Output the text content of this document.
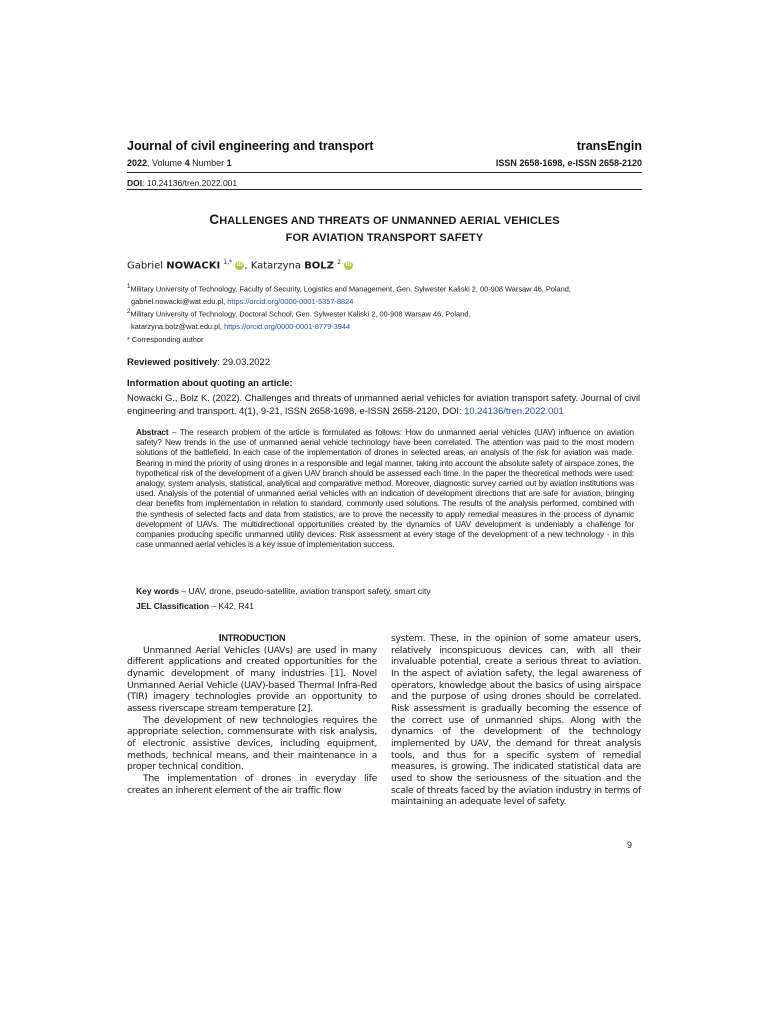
Journal of civil engineering and transport	transEngin
2022, Volume 4 Number 1	ISSN 2658-1698, e-ISSN 2658-2120
DOI: 10.24136/tren.2022.001
CHALLENGES AND THREATS OF UNMANNED AERIAL VEHICLES
FOR AVIATION TRANSPORT SAFETY
Gabriel NOWACKI $^{1,*}$ iD , Katarzyna BOLZ $^2$ iD
$^1$Military University of Technology, Faculty of Security, Logistics and Management, Gen. Sylwester Kaliski 2, 00-908 Warsaw 46, Poland,
gabriel.nowacki@wat.edu.pl, https://orcid.org/0000-0001-5357-8824
$^2$Military University of Technology, Doctoral School, Gen. Sylwester Kaliski 2, 00-908 Warsaw 46, Poland,
katarzyna.bolz@wat.edu.pl, https://orcid.org/0000-0001-8779-3944
* Corresponding author
Reviewed positively: 29.03.2022
Information about quoting an article:
Nowacki G., Bolz K. (2022). Challenges and threats of unmanned aerial vehicles for aviation transport safety. Journal of civil engineering and transport. 4(1), 9-21, ISSN 2658-1698, e-ISSN 2658-2120, DOI: 10.24136/tren.2022.001
Abstract – The research problem of the article is formulated as follows: How do unmanned aerial vehicles (UAV) influence on aviation safety? New trends in the use of unmanned aerial vehicle technology have been correlated. The attention was paid to the most modern solutions of the battlefield. In each case of the implementation of drones in selected areas, an analysis of the risk for aviation was made. Bearing in mind the priority of using drones in a responsible and legal manner, taking into account the absolute safety of airspace zones, the hypothetical risk of the development of a given UAV branch should be assessed each time. In the paper the theoretical methods were used: analogy, system analysis, statistical, analytical and comparative method. Moreover, diagnostic survey carried out by aviation institutions was used. Analysis of the potential of unmanned aerial vehicles with an indication of development directions that are safe for aviation, bringing clear benefits from implementation in relation to standard, commonly used solutions. The results of the analysis performed, combined with the synthesis of selected facts and data from statistics, are to prove the necessity to apply remedial measures in the process of dynamic development of UAVs. The multidirectional opportunities created by the dynamics of UAV development is undeniably a challenge for companies producing specific unmanned utility devices. Risk assessment at every stage of the development of a new technology - in this case unmanned aerial vehicles is a key issue of implementation success.
Key words – UAV, drone, pseudo-satellite, aviation transport safety, smart city
JEL Classification – K42, R41

INTRODUCTION

Unmanned Aerial Vehicles (UAVs) are used in many different applications and created opportunities for the dynamic development of many industries [1]. Novel Unmanned Aerial Vehicle (UAV)-based Thermal Infra-Red (TIR) imagery technologies provide an opportunity to assess riverscape stream temperature [2].

The development of new technologies requires the appropriate selection, commensurate with risk analysis, of electronic assistive devices, including equipment, methods, technical means, and their maintenance in a proper technical condition.

The implementation of drones in everyday life creates an inherent element of the air traffic flow

system. These, in the opinion of some amateur users, relatively inconspicuous devices can, with all their invaluable potential, create a serious threat to aviation. In the aspect of aviation safety, the legal awareness of operators, knowledge about the basics of using airspace and the purpose of using drones should be correlated. Risk assessment is gradually becoming the essence of the correct use of unmanned ships. Along with the dynamics of the development of the technology implemented by UAV, the demand for threat analysis tools, and thus for a specific system of remedial measures, is growing. The indicated statistical data are used to show the seriousness of the situation and the scale of threats faced by the aviation industry in terms of maintaining an adequate level of safety.

9
